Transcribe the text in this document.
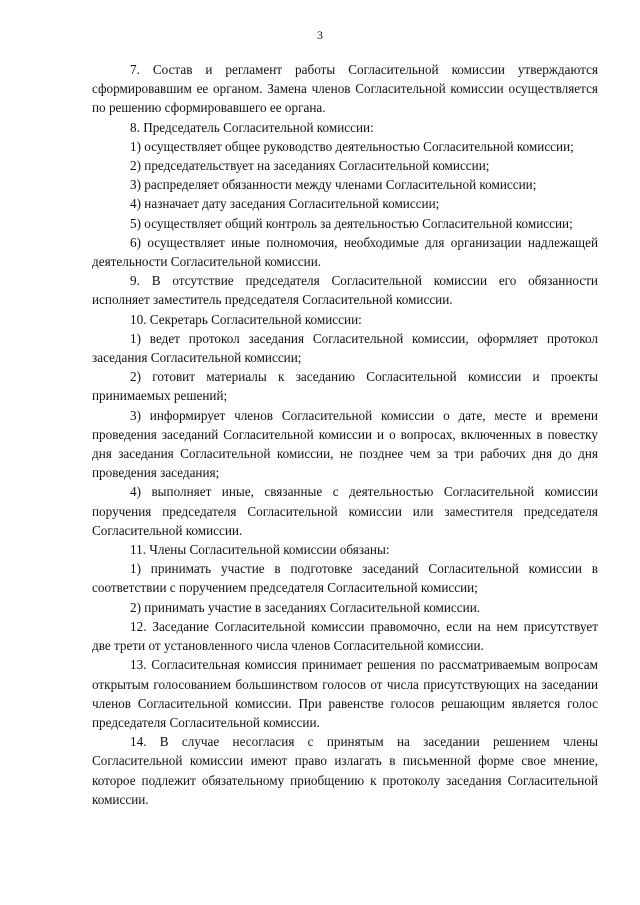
3

7. Состав и регламент работы Согласительной комиссии утверждаются сформировавшим ее органом. Замена членов Согласительной комиссии осуществляется по решению сформировавшего ее органа.

8. Председатель Согласительной комиссии:

1) осуществляет общее руководство деятельностью Согласительной комиссии;

2) председательствует на заседаниях Согласительной комиссии;

3) распределяет обязанности между членами Согласительной комиссии;

4) назначает дату заседания Согласительной комиссии;

5) осуществляет общий контроль за деятельностью Согласительной комиссии;

6) осуществляет иные полномочия, необходимые для организации надлежащей деятельности Согласительной комиссии.

9. В отсутствие председателя Согласительной комиссии его обязанности исполняет заместитель председателя Согласительной комиссии.

10. Секретарь Согласительной комиссии:

1) ведет протокол заседания Согласительной комиссии, оформляет протокол заседания Согласительной комиссии;

2) готовит материалы к заседанию Согласительной комиссии и проекты принимаемых решений;

3) информирует членов Согласительной комиссии о дате, месте и времени проведения заседаний Согласительной комиссии и о вопросах, включенных в повестку дня заседания Согласительной комиссии, не позднее чем за три рабочих дня до дня проведения заседания;

4) выполняет иные, связанные с деятельностью Согласительной комиссии поручения председателя Согласительной комиссии или заместителя председателя Согласительной комиссии.

11. Члены Согласительной комиссии обязаны:

1) принимать участие в подготовке заседаний Согласительной комиссии в соответствии с поручением председателя Согласительной комиссии;

2) принимать участие в заседаниях Согласительной комиссии.

12. Заседание Согласительной комиссии правомочно, если на нем присутствует две трети от установленного числа членов Согласительной комиссии.

13. Согласительная комиссия принимает решения по рассматриваемым вопросам открытым голосованием большинством голосов от числа присутствующих на заседании членов Согласительной комиссии. При равенстве голосов решающим является голос председателя Согласительной комиссии.

14. В случае несогласия с принятым на заседании решением члены Согласительной комиссии имеют право излагать в письменной форме свое мнение, которое подлежит обязательному приобщению к протоколу заседания Согласительной комиссии.
